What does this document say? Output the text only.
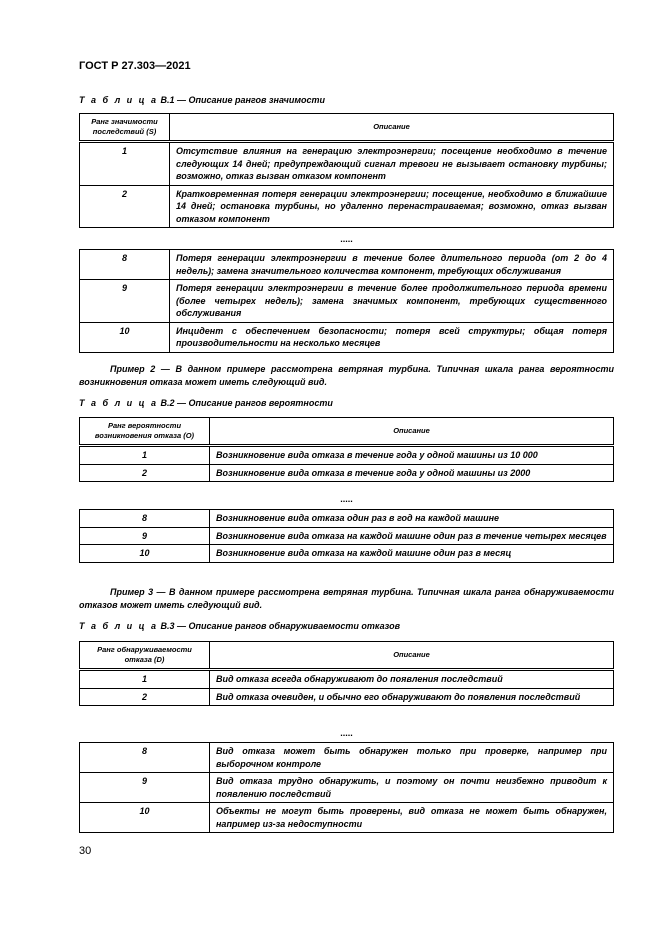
ГОСТ Р 27.303—2021
Т а б л и ц а В.1 — Описание рангов значимости
Ранг значимости последствий (S)	Описание
1	Отсутствие влияния на генерацию электроэнергии; посещение необходимо в течение следующих 14 дней; предупреждающий сигнал тревоги не вызывает остановку турбины; возможно, отказ вызван отказом компонент
2	Кратковременная потеря генерации электроэнергии; посещение, необходимо в ближайшие 14 дней; остановка турбины, но удаленно перенастраиваемая; возможно, отказ вызван отказом компонент
.....
8	Потеря генерации электроэнергии в течение более длительного периода (от 2 до 4 недель); замена значительного количества компонент, требующих обслуживания
9	Потеря генерации электроэнергии в течение более продолжительного периода времени (более четырех недель); замена значимых компонент, требующих существенного обслуживания
10	Инцидент с обеспечением безопасности; потеря всей структуры; общая потеря производительности на несколько месяцев
Пример 2 — В данном примере рассмотрена ветряная турбина. Типичная шкала ранга вероятности возникновения отказа может иметь следующий вид.
Т а б л и ц а В.2 — Описание рангов вероятности
Ранг вероятности возникновения отказа (O)	Описание
1	Возникновение вида отказа в течение года у одной машины из 10 000
2	Возникновение вида отказа в течение года у одной машины из 2000
.....
8	Возникновение вида отказа один раз в год на каждой машине
9	Возникновение вида отказа на каждой машине один раз в течение четырех месяцев
10	Возникновение вида отказа на каждой машине один раз в месяц
Пример 3 — В данном примере рассмотрена ветряная турбина. Типичная шкала ранга обнаруживаемости отказов может иметь следующий вид.
Т а б л и ц а В.3 — Описание рангов обнаруживаемости отказов
Ранг обнаруживаемости отказа (D)	Описание
1	Вид отказа всегда обнаруживают до появления последствий
2	Вид отказа очевиден, и обычно его обнаруживают до появления последствий
.....
8	Вид отказа может быть обнаружен только при проверке, например при выборочном контроле
9	Вид отказа трудно обнаружить, и поэтому он почти неизбежно приводит к появлению последствий
10	Объекты не могут быть проверены, вид отказа не может быть обнаружен, например из-за недоступности
30
